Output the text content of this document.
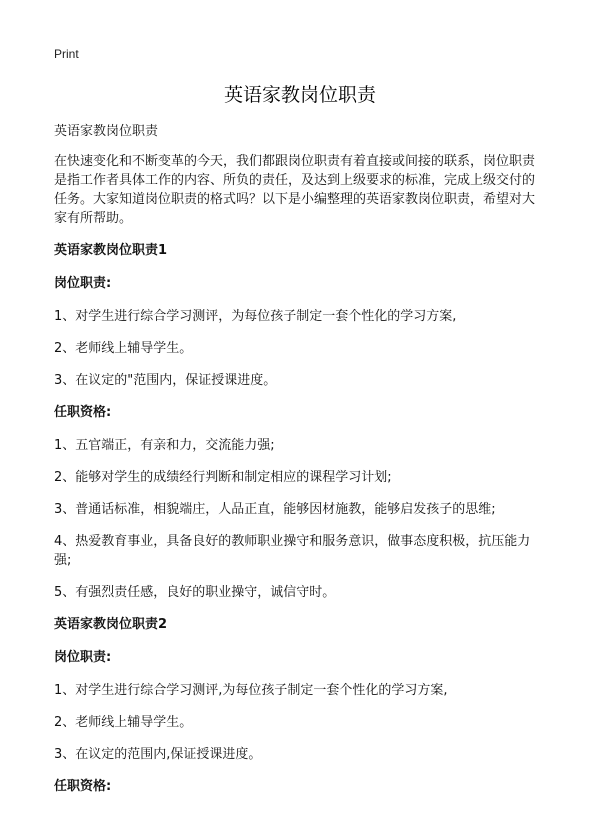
Print
英语家教岗位职责

英语家教岗位职责

在快速变化和不断变革的今天，我们都跟岗位职责有着直接或间接的联系，岗位职责是指工作者具体工作的内容、所负的责任，及达到上级要求的标准，完成上级交付的任务。大家知道岗位职责的格式吗？以下是小编整理的英语家教岗位职责，希望对大家有所帮助。

英语家教岗位职责1
岗位职责:
1、对学生进行综合学习测评，为每位孩子制定一套个性化的学习方案,
2、老师线上辅导学生。
3、在议定的"范围内，保证授课进度。
任职资格:
1、五官端正，有亲和力，交流能力强;
2、能够对学生的成绩经行判断和制定相应的课程学习计划;
3、普通话标准，相貌端庄，人品正直，能够因材施教，能够启发孩子的思维;
4、热爱教育事业，具备良好的教师职业操守和服务意识，做事态度积极，抗压能力强;
5、有强烈责任感，良好的职业操守，诚信守时。
英语家教岗位职责2
岗位职责:
1、对学生进行综合学习测评,为每位孩子制定一套个性化的学习方案,
2、老师线上辅导学生。
3、在议定的范围内,保证授课进度。
任职资格:
